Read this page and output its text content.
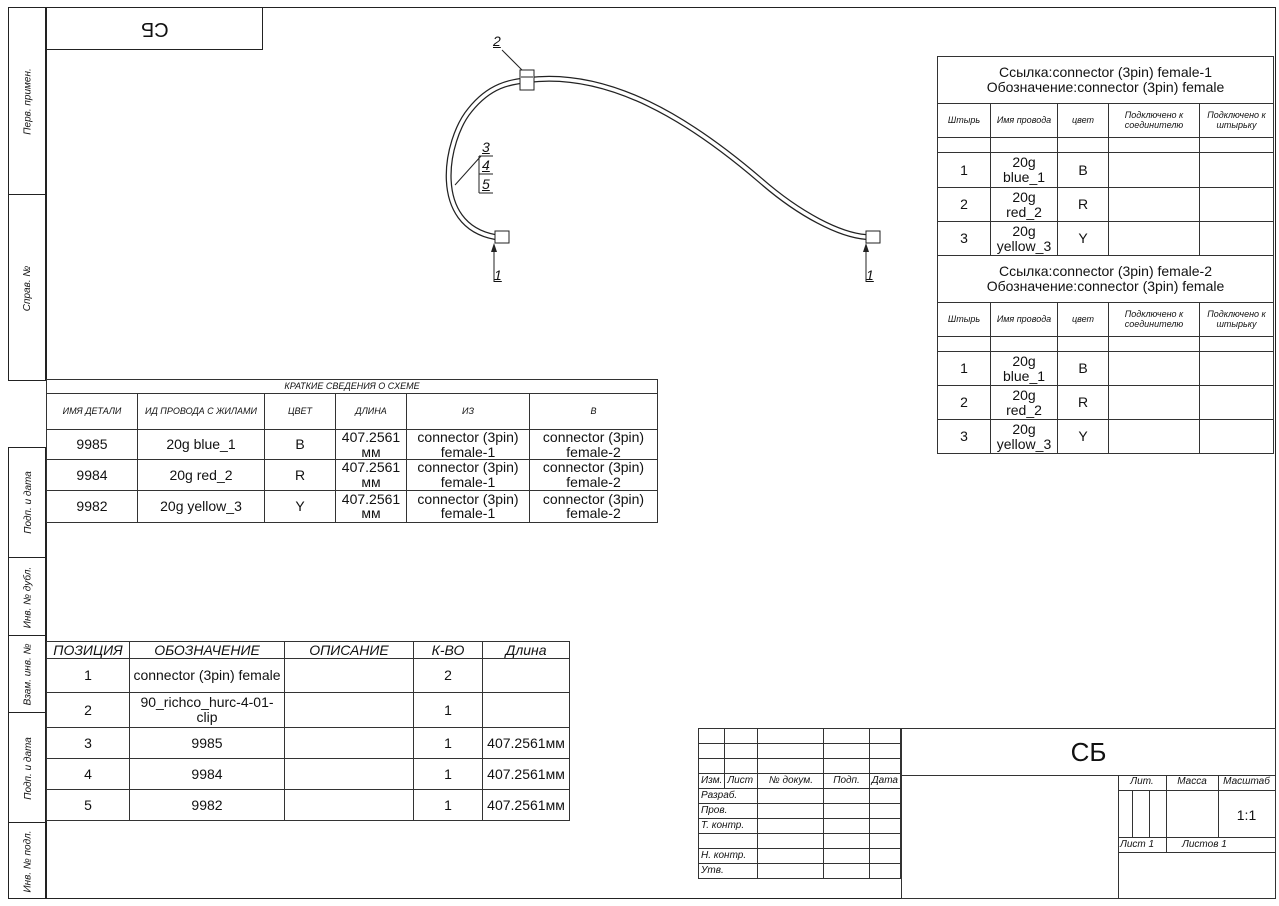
Перв. примен.
Справ. №
Подп. и дата
Инв. № дубл.
Взам. инв. №
Подп. и дата
Инв. № подл.
СБ
2
3
4
5
1	1
Ссылка:connector (3pin) female-1
Обозначение:connector (3pin) female				

Штырь	Имя провода	цвет	Подключено к соединителю	Подключено к штырьку

1	20g blue_1	B		
2	20g red_2	R		
3	20g yellow_3	Y		
Ссылка:connector (3pin) female-2
Обозначение:connector (3pin) female				

Штырь	Имя провода	цвет	Подключено к соединителю	Подключено к штырьку

1	20g blue_1	B		
2	20g red_2	R		
3	20g yellow_3	Y		
КРАТКИЕ СВЕДЕНИЯ О СХЕМЕ					
ИМЯ ДЕТАЛИ	ИД ПРОВОДА С ЖИЛАМИ	ЦВЕТ	ДЛИНА	ИЗ	В
9985	20g blue_1	B	407.2561 мм	connector (3pin) female-1	connector (3pin) female-2
9984	20g red_2	R	407.2561 мм	connector (3pin) female-1	connector (3pin) female-2
9982	20g yellow_3	Y	407.2561 мм	connector (3pin) female-1	connector (3pin) female-2
ПОЗИЦИЯ	ОБОЗНАЧЕНИЕ	ОПИСАНИЕ	К-ВО	Длина
1	connector (3pin) female		2	
2	90_richco_hurc-4-01-clip		1	
3	9985		1	407.2561мм
4	9984		1	407.2561мм
5	9982		1	407.2561мм

Изм.	Лист	№ докум.	Подп.	Дата
Разраб.				
Пров.				
Т. контр.				

Н. контр.				
Утв.				
СБ
Лит.	Масса	Масштаб
1:1
Лист 1	Листов 1
